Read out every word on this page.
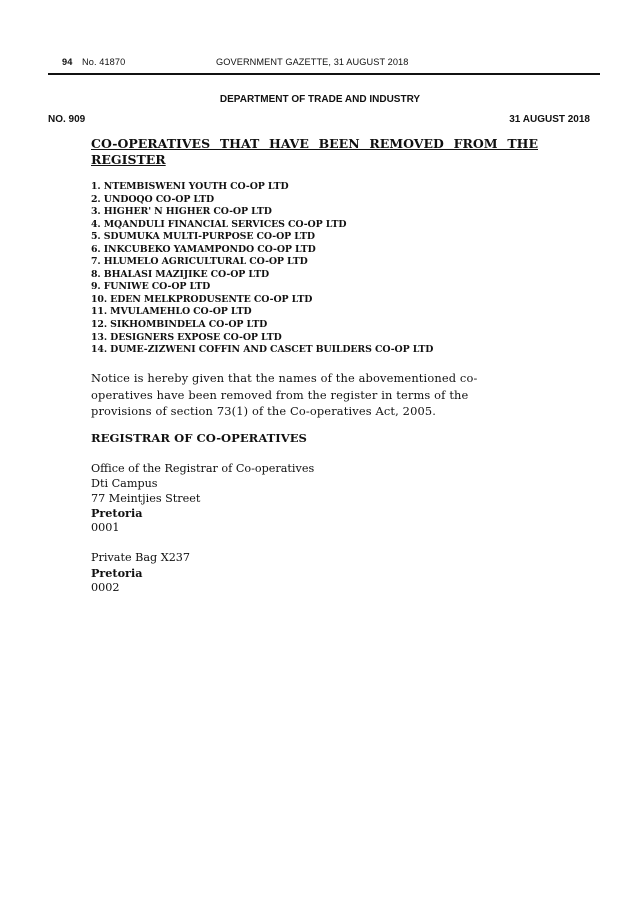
94 No. 41870	GOVERNMENT GAZETTE, 31 AUGUST 2018
DEPARTMENT OF TRADE AND INDUSTRY
NO. 909	31 AUGUST 2018
CO-OPERATIVES THAT HAVE BEEN REMOVED FROM THE REGISTER
1. NTEMBISWENI YOUTH CO-OP LTD
2. UNDOQO CO-OP LTD
3. HIGHER' N HIGHER CO-OP LTD
4. MQANDULI FINANCIAL SERVICES CO-OP LTD
5. SDUMUKA MULTI-PURPOSE CO-OP LTD
6. INKCUBEKO YAMAMPONDO CO-OP LTD
7. HLUMELO AGRICULTURAL CO-OP LTD
8. BHALASI MAZIJIKE CO-OP LTD
9. FUNIWE CO-OP LTD
10. EDEN MELKPRODUSENTE CO-OP LTD
11. MVULAMEHLO CO-OP LTD
12. SIKHOMBINDELA CO-OP LTD
13. DESIGNERS EXPOSE CO-OP LTD
14. DUME-ZIZWENI COFFIN AND CASCET BUILDERS CO-OP LTD
Notice is hereby given that the names of the abovementioned co-operatives have been removed from the register in terms of the provisions of section 73(1) of the Co-operatives Act, 2005.
REGISTRAR OF CO-OPERATIVES
Office of the Registrar of Co-operatives
Dti Campus
77 Meintjies Street
Pretoria
0001
Private Bag X237
Pretoria
0002
